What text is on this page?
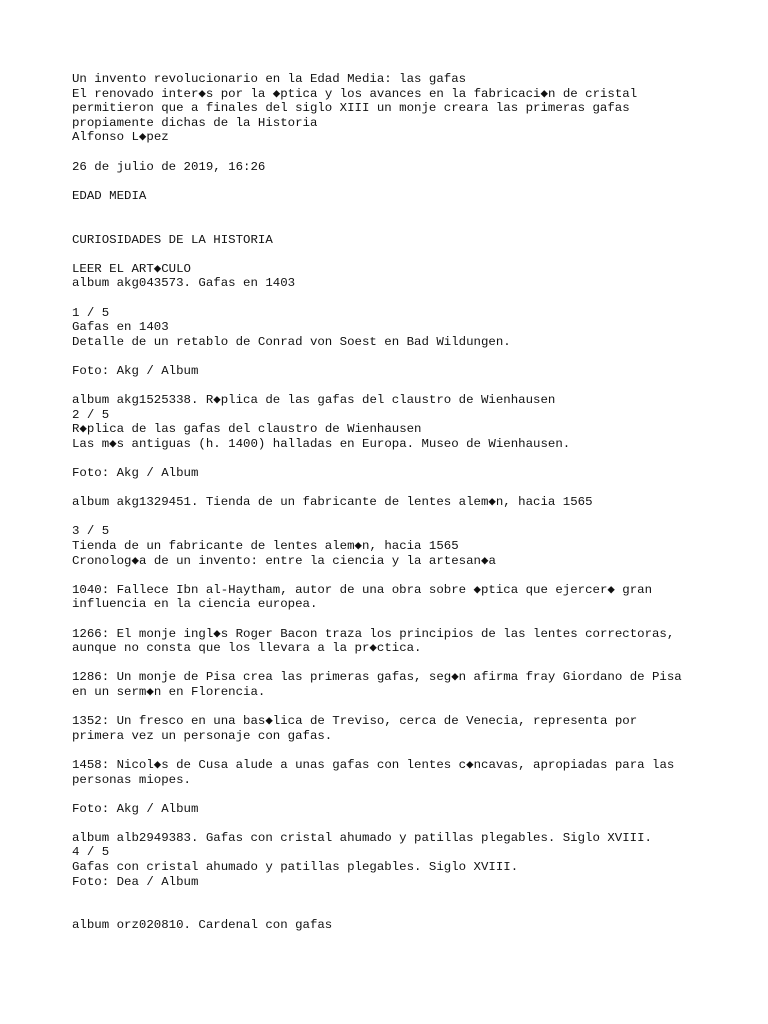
Un invento revolucionario en la Edad Media: las gafas
El renovado inter◆s por la ◆ptica y los avances en la fabricaci◆n de cristal
permitieron que a finales del siglo XIII un monje creara las primeras gafas
propiamente dichas de la Historia
Alfonso L◆pez
26 de julio de 2019, 16:26
EDAD MEDIA
CURIOSIDADES DE LA HISTORIA
LEER EL ART◆CULO
album akg043573. Gafas en 1403
1 / 5
Gafas en 1403
Detalle de un retablo de Conrad von Soest en Bad Wildungen.
Foto: Akg / Album
album akg1525338. R◆plica de las gafas del claustro de Wienhausen
2 / 5
R◆plica de las gafas del claustro de Wienhausen
Las m◆s antiguas (h. 1400) halladas en Europa. Museo de Wienhausen.
Foto: Akg / Album
album akg1329451. Tienda de un fabricante de lentes alem◆n, hacia 1565
3 / 5
Tienda de un fabricante de lentes alem◆n, hacia 1565
Cronolog◆a de un invento: entre la ciencia y la artesan◆a
1040: Fallece Ibn al-Haytham, autor de una obra sobre ◆ptica que ejercer◆ gran
influencia en la ciencia europea.
1266: El monje ingl◆s Roger Bacon traza los principios de las lentes correctoras,
aunque no consta que los llevara a la pr◆ctica.
1286: Un monje de Pisa crea las primeras gafas, seg◆n afirma fray Giordano de Pisa
en un serm◆n en Florencia.
1352: Un fresco en una bas◆lica de Treviso, cerca de Venecia, representa por
primera vez un personaje con gafas.
1458: Nicol◆s de Cusa alude a unas gafas con lentes c◆ncavas, apropiadas para las
personas miopes.
Foto: Akg / Album
album alb2949383. Gafas con cristal ahumado y patillas plegables. Siglo XVIII.
4 / 5
Gafas con cristal ahumado y patillas plegables. Siglo XVIII.
Foto: Dea / Album
album orz020810. Cardenal con gafas
